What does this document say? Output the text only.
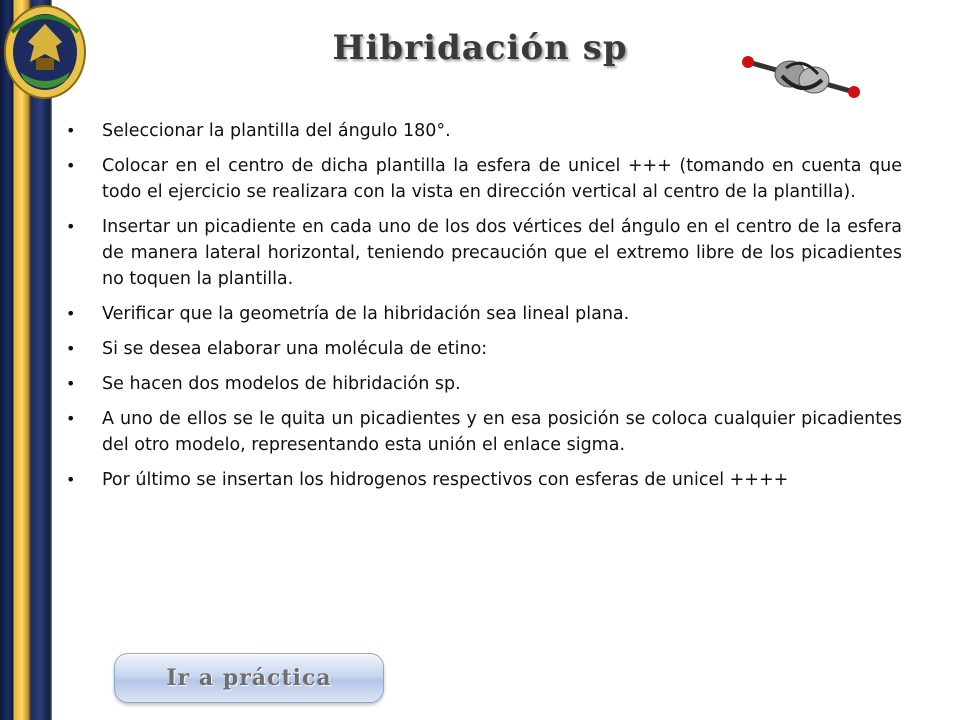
Hibridación sp
• Seleccionar la plantilla del ángulo 180°.
• Colocar en el centro de dicha plantilla la esfera de unicel +++ (tomando en cuenta que todo el ejercicio se realizara con la vista en dirección vertical al centro de la plantilla).
• Insertar un picadiente en cada uno de los dos vértices del ángulo en el centro de la esfera de manera lateral horizontal, teniendo precaución que el extremo libre de los picadientes no toquen la plantilla.
• Verificar que la geometría de la hibridación sea lineal plana.
• Si se desea elaborar una molécula de etino:
• Se hacen dos modelos de hibridación sp.
• A uno de ellos se le quita un picadientes y en esa posición se coloca cualquier picadientes del otro modelo, representando esta unión el enlace sigma.
• Por último se insertan los hidrogenos respectivos con esferas de unicel ++++
Ir a práctica
